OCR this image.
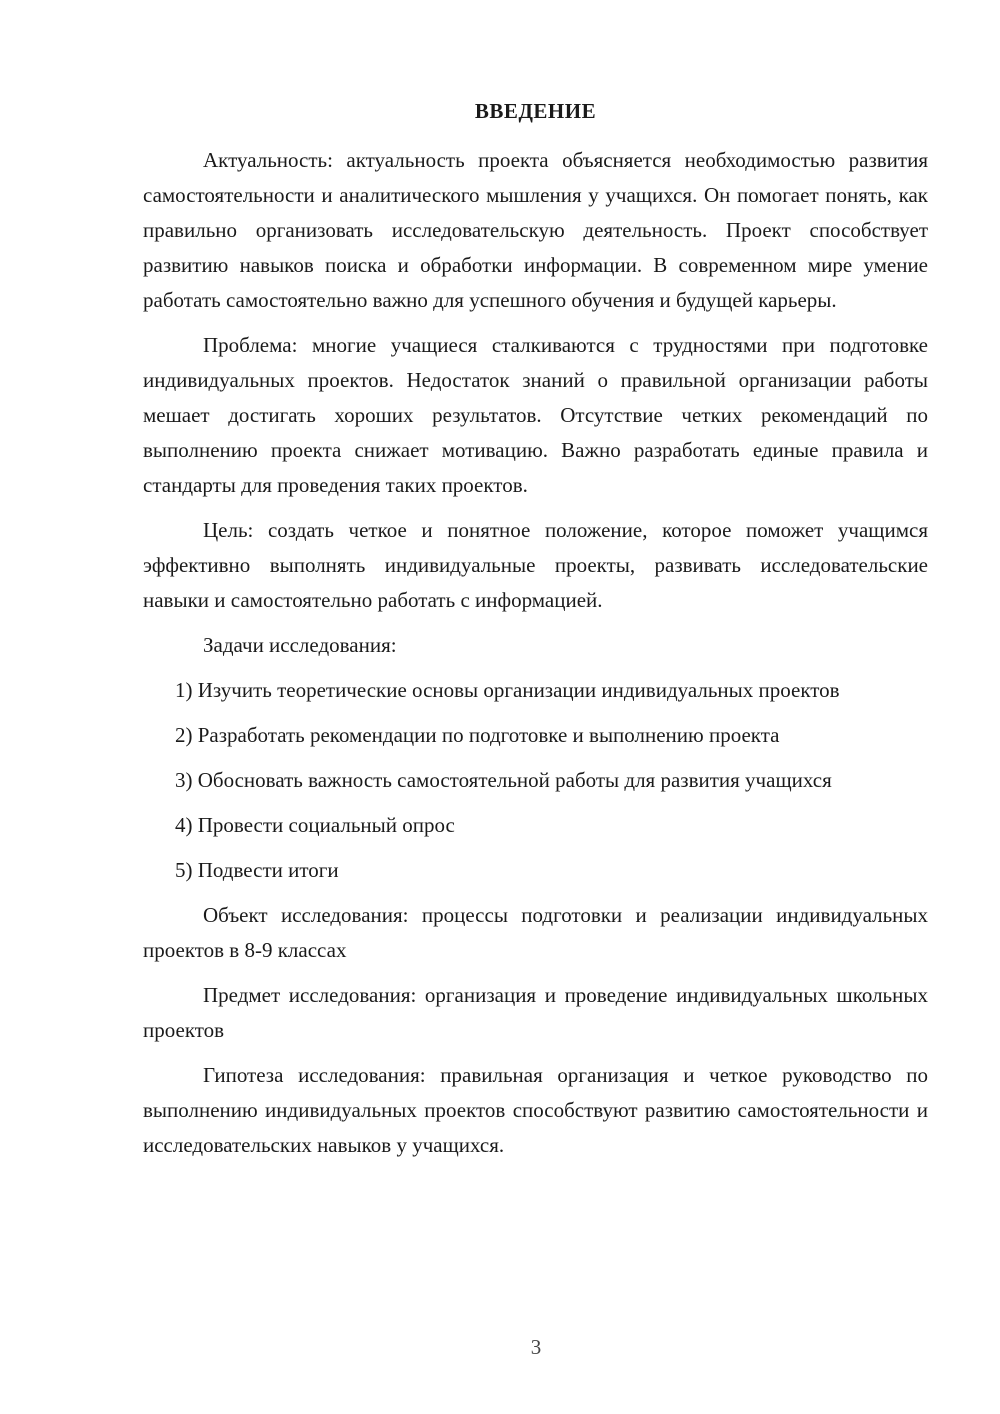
ВВЕДЕНИЕ

Актуальность: актуальность проекта объясняется необходимостью развития самостоятельности и аналитического мышления у учащихся. Он помогает понять, как правильно организовать исследовательскую деятельность. Проект способствует развитию навыков поиска и обработки информации. В современном мире умение работать самостоятельно важно для успешного обучения и будущей карьеры.

Проблема: многие учащиеся сталкиваются с трудностями при подготовке индивидуальных проектов. Недостаток знаний о правильной организации работы мешает достигать хороших результатов. Отсутствие четких рекомендаций по выполнению проекта снижает мотивацию. Важно разработать единые правила и стандарты для проведения таких проектов.

Цель: создать четкое и понятное положение, которое поможет учащимся эффективно выполнять индивидуальные проекты, развивать исследовательские навыки и самостоятельно работать с информацией.

Задачи исследования:

1) Изучить теоретические основы организации индивидуальных проектов

2) Разработать рекомендации по подготовке и выполнению проекта

3) Обосновать важность самостоятельной работы для развития учащихся

4) Провести социальный опрос

5) Подвести итоги

Объект исследования: процессы подготовки и реализации индивидуальных проектов в 8-9 классах

Предмет исследования: организация и проведение индивидуальных школьных проектов

Гипотеза исследования: правильная организация и четкое руководство по выполнению индивидуальных проектов способствуют развитию самостоятельности и исследовательских навыков у учащихся.

3
